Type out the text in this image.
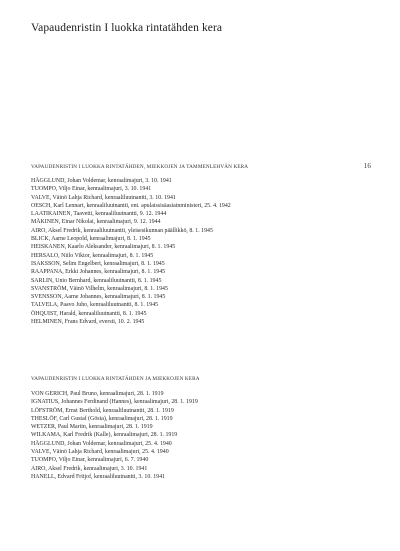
Vapaudenristin I luokka rintatähden kera
VAPAUDENRISTIN I LUOKKA RINTATÄHDEN, MIEKKOJEN JA TAMMENLEHVÄN KERA	16
HÄGGLUND, Johan Voldemar, kenraalimajuri, 3. 10. 1941
TUOMPO, Viljo Einar, kenraalimajuri, 3. 10. 1941
VALVE, Väinö Lahja Richard, kenraaliluutnantti, 3. 10. 1941
OESCH, Karl Lennart, kenraaliluutnantti, ent. apulaissisäasiainministeri, 25. 4. 1942
LAATIKAINEN, Taavetti, kenraaliluutnantti, 9. 12. 1944
MÄKINEN, Einar Nikolai, kenraalimajuri, 9. 12. 1944
AIRO, Aksel Fredrik, kenraaliluutnantti, yleisesikunnan päällikkö, 8. 1. 1945
BLICK, Aarne Leopold, kenraalimajuri, 8. 1. 1945
HEISKANEN, Kaarlo Aleksander, kenraalimajuri, 8. 1. 1945
HERSALO, Niilo Viktor, kenraalimajuri, 8. 1. 1945
ISAKSSON, Selim Engelbert, kenraalimajuri, 8. 1. 1945
RAAPPANA, Erkki Johannes, kenraalimajuri, 8. 1. 1945
SARLIN, Unio Bernhard, kenraaliluutnantti, 8. 1. 1945
SVANSTRÖM, Väinö Vilhelm, kenraalimajuri, 8. 1. 1945
SVENSSON, Aarne Johannes, kenraalimajuri, 8. 1. 1945
TALVELA, Paavo Juho, kenraaliluutnantti, 8. 1. 1945
ÖHQUIST, Harald, kenraaliluutnantti, 8. 1. 1945
HELMINEN, Frans Edvard, eversti, 10. 2. 1945
VAPAUDENRISTIN I LUOKKA RINTATÄHDEN JA MIEKKOJEN KERA
VON GERICH, Paul Bruno, kenraalimajuri, 28. 1. 1919
IGNATIUS, Johannes Ferdinand (Hannes), kenraalimajuri, 28. 1. 1919
LÖFSTRÖM, Ernst Berthold, kenraaliluutnantti, 28. 1. 1919
THESLÖF, Carl Gustaf (Gösta), kenraalimajuri, 28. 1. 1919
WETZER, Paul Martin, kenraalimajuri, 28. 1. 1919
WILKAMA, Karl Fredrik (Kalle), kenraalimajuri, 28. 1. 1919
HÄGGLUND, Johan Voldemar, kenraalimajuri, 25. 4. 1940
VALVE, Väinö Lahja Richard, kenraalimajuri, 25. 4. 1940
TUOMPO, Viljo Einar, kenraalimajuri, 6. 7. 1940
AIRO, Aksel Fredrik, kenraalimajuri, 3. 10. 1941
HANELL, Edvard Fritjof, kenraaliluutnantti, 3. 10. 1941
